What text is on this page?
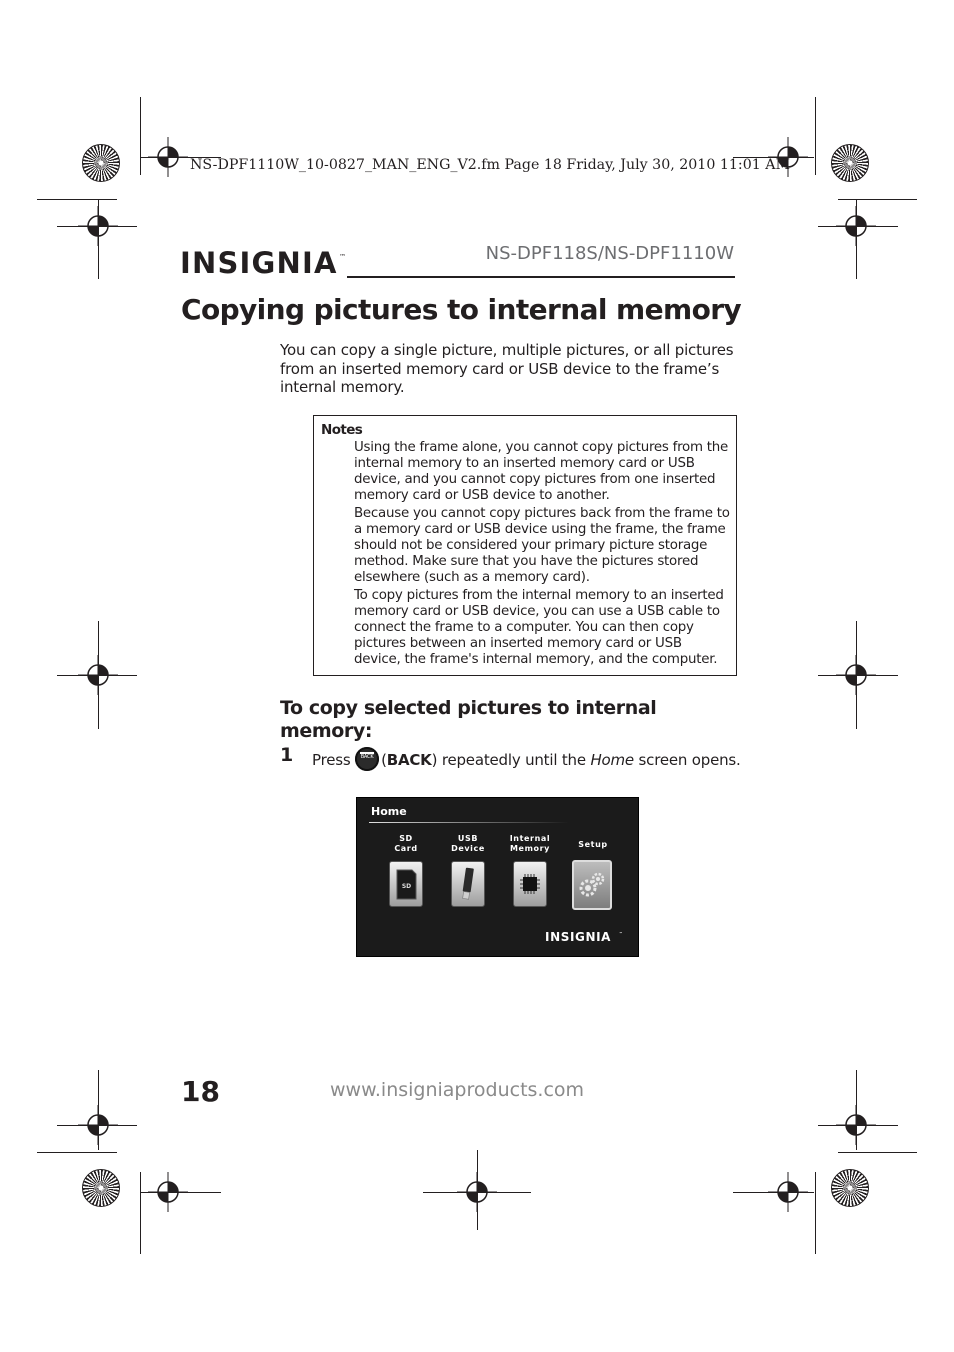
NS-DPF1110W_10-0827_MAN_ENG_V2.fm Page 18 Friday, July 30, 2010 11:01 AM
INSIGNIA ™	NS-DPF118S/NS-DPF1110W
Copying pictures to internal memory

You can copy a single picture, multiple pictures, or all pictures from an inserted memory card or USB device to the frame’s internal memory.

Notes

Using the frame alone, you cannot copy pictures from the internal memory to an inserted memory card or USB device, and you cannot copy pictures from one inserted memory card or USB device to another.

Because you cannot copy pictures back from the frame to a memory card or USB device using the frame, the frame should not be considered your primary picture storage method. Make sure that you have the pictures stored elsewhere (such as a memory card).

To copy pictures from the internal memory to an inserted memory card or USB device, you can use a USB cable to connect the frame to a computer. You can then copy pictures between an inserted memory card or USB device, the frame's internal memory, and the computer.

To copy selected pictures to internal memory:
1 Press	BACK (BACK) repeatedly until the Home screen opens.

Home
SD
Card
SD
USB
Device
Internal
Memory	Setup
INSIGNIA ™
18	www.insigniaproducts.com
